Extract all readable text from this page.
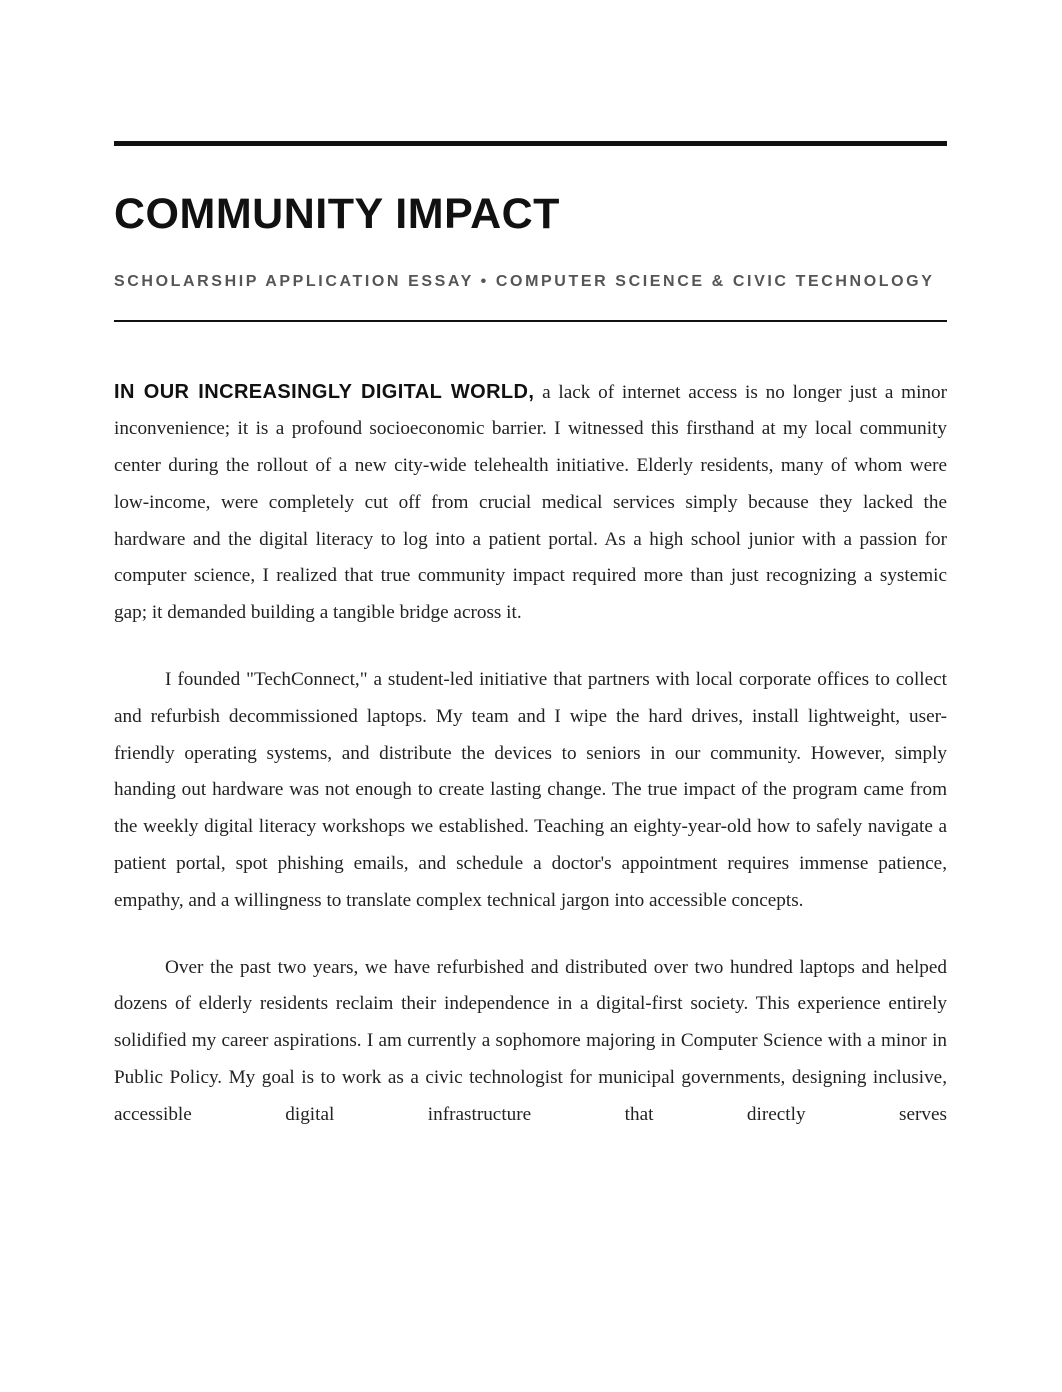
COMMUNITY IMPACT
SCHOLARSHIP APPLICATION ESSAY • COMPUTER SCIENCE & CIVIC TECHNOLOGY

IN OUR INCREASINGLY DIGITAL WORLD, a lack of internet access is no longer just a minor inconvenience; it is a profound socioeconomic barrier. I witnessed this firsthand at my local community center during the rollout of a new city-wide telehealth initiative. Elderly residents, many of whom were low-income, were completely cut off from crucial medical services simply because they lacked the hardware and the digital literacy to log into a patient portal. As a high school junior with a passion for computer science, I realized that true community impact required more than just recognizing a systemic gap; it demanded building a tangible bridge across it.

I founded "TechConnect," a student-led initiative that partners with local corporate offices to collect and refurbish decommissioned laptops. My team and I wipe the hard drives, install lightweight, user-friendly operating systems, and distribute the devices to seniors in our community. However, simply handing out hardware was not enough to create lasting change. The true impact of the program came from the weekly digital literacy workshops we established. Teaching an eighty-year-old how to safely navigate a patient portal, spot phishing emails, and schedule a doctor's appointment requires immense patience, empathy, and a willingness to translate complex technical jargon into accessible concepts.

Over the past two years, we have refurbished and distributed over two hundred laptops and helped dozens of elderly residents reclaim their independence in a digital-first society. This experience entirely solidified my career aspirations. I am currently a sophomore majoring in Computer Science with a minor in Public Policy. My goal is to work as a civic technologist for municipal governments, designing inclusive, accessible digital infrastructure that directly serves
